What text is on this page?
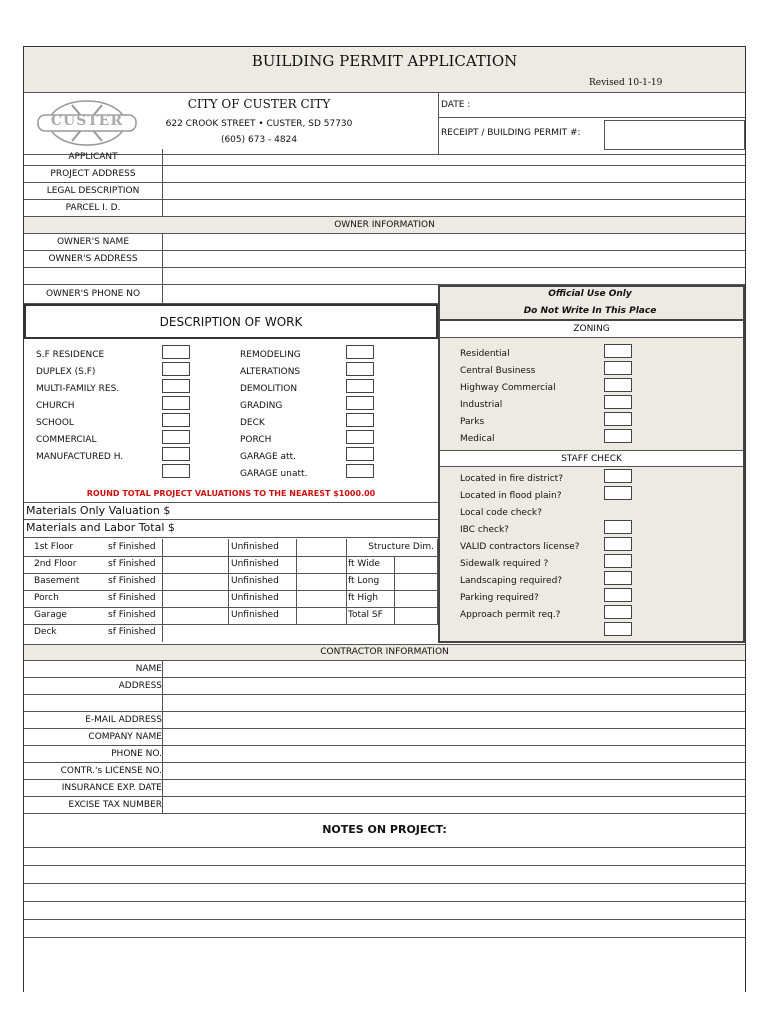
BUILDING PERMIT APPLICATION
Revised 10-1-19
CUSTER
CITY OF CUSTER CITY
622 CROOK STREET • CUSTER, SD 57730
(605) 673 - 4824
DATE :
RECEIPT / BUILDING PERMIT #:
APPLICANT
PROJECT ADDRESS
LEGAL DESCRIPTION
PARCEL I. D.
OWNER INFORMATION
OWNER'S NAME
OWNER'S ADDRESS
OWNER'S PHONE NO	Official Use Only
Do Not Write In This Place
DESCRIPTION OF WORK	ZONING
S.F RESIDENCE
DUPLEX (S.F)
MULTI-FAMILY RES.
CHURCH
SCHOOL
COMMERCIAL
MANUFACTURED H.
REMODELING
ALTERATIONS
DEMOLITION
GRADING
DECK
PORCH
GARAGE att.
GARAGE unatt.
Residential
Central Business
Highway Commercial
Industrial
Parks
Medical
STAFF CHECK
Located in fire district?
Located in flood plain?
Local code check?
IBC check?
VALID contractors license?
Sidewalk required ?
Landscaping required?
Parking required?
Approach permit req.?
ROUND TOTAL PROJECT VALUATIONS TO THE NEAREST $1000.00
Materials Only Valuation $
Materials and Labor Total $
1st Floor
2nd Floor
Basement
Porch
Garage
Deck
sf Finished
sf Finished
sf Finished
sf Finished
sf Finished
sf Finished
Unfinished
Unfinished
Unfinished
Unfinished
Unfinished
Structure Dim.
ft Wide
ft Long
ft High
Total SF
CONTRACTOR INFORMATION
NAME
ADDRESS
E-MAIL ADDRESS
COMPANY NAME
PHONE NO.
CONTR.'s LICENSE NO.
INSURANCE EXP. DATE
EXCISE TAX NUMBER
NOTES ON PROJECT:
